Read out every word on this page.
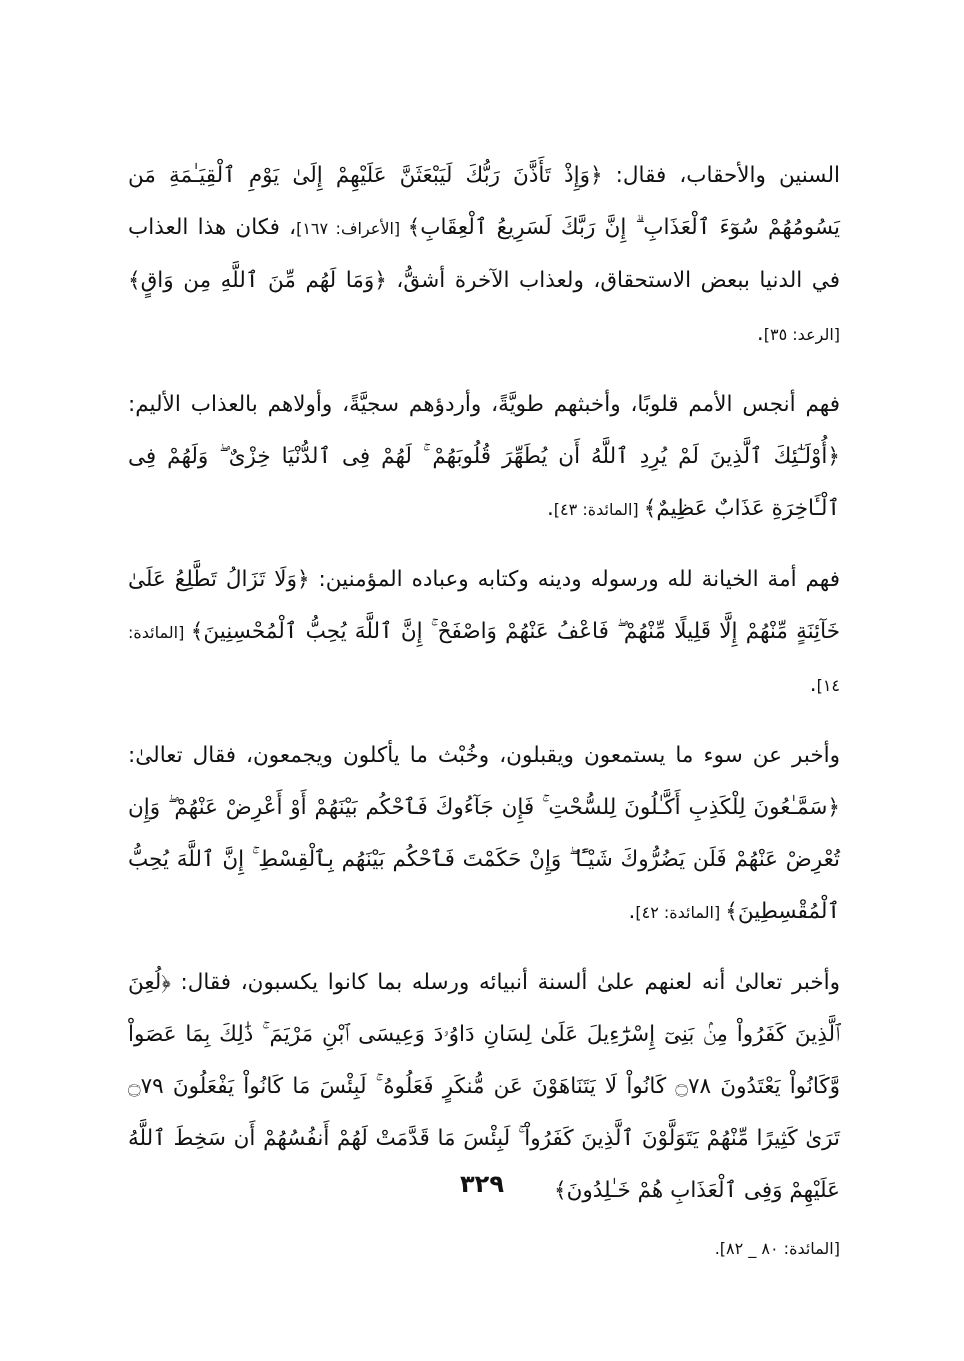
السنين والأحقاب، فقال: ﴿وَإِذْ تَأَذَّنَ رَبُّكَ لَيَبْعَثَنَّ عَلَيْهِمْ إِلَىٰ يَوْمِ ٱلْقِيَـٰمَةِ مَن يَسُومُهُمْ سُوٓءَ ٱلْعَذَابِ ۗ إِنَّ رَبَّكَ لَسَرِيعُ ٱلْعِقَابِ﴾ [الأعراف: ١٦٧]، فكان هذا العذاب في الدنيا ببعض الاستحقاق، ولعذاب الآخرة أشقُّ، ﴿وَمَا لَهُم مِّنَ ٱللَّهِ مِن وَاقٍ﴾ [الرعد: ٣٥].

فهم أنجس الأمم قلوبًا، وأخبثهم طويَّةً، وأردؤهم سجيَّةً، وأولاهم بالعذاب الأليم: ﴿أُوْلَـٰٓئِكَ ٱلَّذِينَ لَمْ يُرِدِ ٱللَّهُ أَن يُطَهِّرَ قُلُوبَهُمْ ۚ لَهُمْ فِى ٱلدُّنْيَا خِزْىٌ ۖ وَلَهُمْ فِى ٱلْـَٔاخِرَةِ عَذَابٌ عَظِيمٌ﴾ [المائدة: ٤٣].

فهم أمة الخيانة لله ورسوله ودينه وكتابه وعباده المؤمنين: ﴿وَلَا تَزَالُ تَطَّلِعُ عَلَىٰ خَآئِنَةٍ مِّنْهُمْ إِلَّا قَلِيلًا مِّنْهُمْ ۖ فَاعْفُ عَنْهُمْ وَاصْفَحْ ۚ إِنَّ ٱللَّهَ يُحِبُّ ٱلْمُحْسِنِينَ﴾ [المائدة: ١٤].

وأخبر عن سوء ما يستمعون ويقبلون، وخُبْث ما يأكلون ويجمعون، فقال تعالىٰ: ﴿سَمَّـٰعُونَ لِلْكَذِبِ أَكَّـٰلُونَ لِلسُّحْتِ ۚ فَإِن جَآءُوكَ فَٱحْكُم بَيْنَهُمْ أَوْ أَعْرِضْ عَنْهُمْ ۖ وَإِن تُعْرِضْ عَنْهُمْ فَلَن يَضُرُّوكَ شَيْـًٔا ۖ وَإِنْ حَكَمْتَ فَٱحْكُم بَيْنَهُم بِٱلْقِسْطِ ۚ إِنَّ ٱللَّهَ يُحِبُّ ٱلْمُقْسِطِينَ﴾ [المائدة: ٤٢].

وأخبر تعالىٰ أنه لعنهم علىٰ ألسنة أنبيائه ورسله بما كانوا يكسبون، فقال: ﴿لُعِنَ ٱلَّذِينَ كَفَرُواْ مِنۢ بَنِىٓ إِسْرَٰٓءِيلَ عَلَىٰ لِسَانِ دَاوُۥدَ وَعِيسَى ٱبْنِ مَرْيَمَ ۚ ذَٰلِكَ بِمَا عَصَواْ وَّكَانُواْ يَعْتَدُونَ ۝٧٨ كَانُواْ لَا يَتَنَاهَوْنَ عَن مُّنكَرٍ فَعَلُوهُ ۚ لَبِئْسَ مَا كَانُواْ يَفْعَلُونَ ۝٧٩ تَرَىٰ كَثِيرًا مِّنْهُمْ يَتَوَلَّوْنَ ٱلَّذِينَ كَفَرُواْ ۚ لَبِئْسَ مَا قَدَّمَتْ لَهُمْ أَنفُسُهُمْ أَن سَخِطَ ٱللَّهُ عَلَيْهِمْ وَفِى ٱلْعَذَابِ هُمْ خَـٰلِدُونَ﴾

[المائدة: ٨٠ _ ٨٢].

٣٢٩
